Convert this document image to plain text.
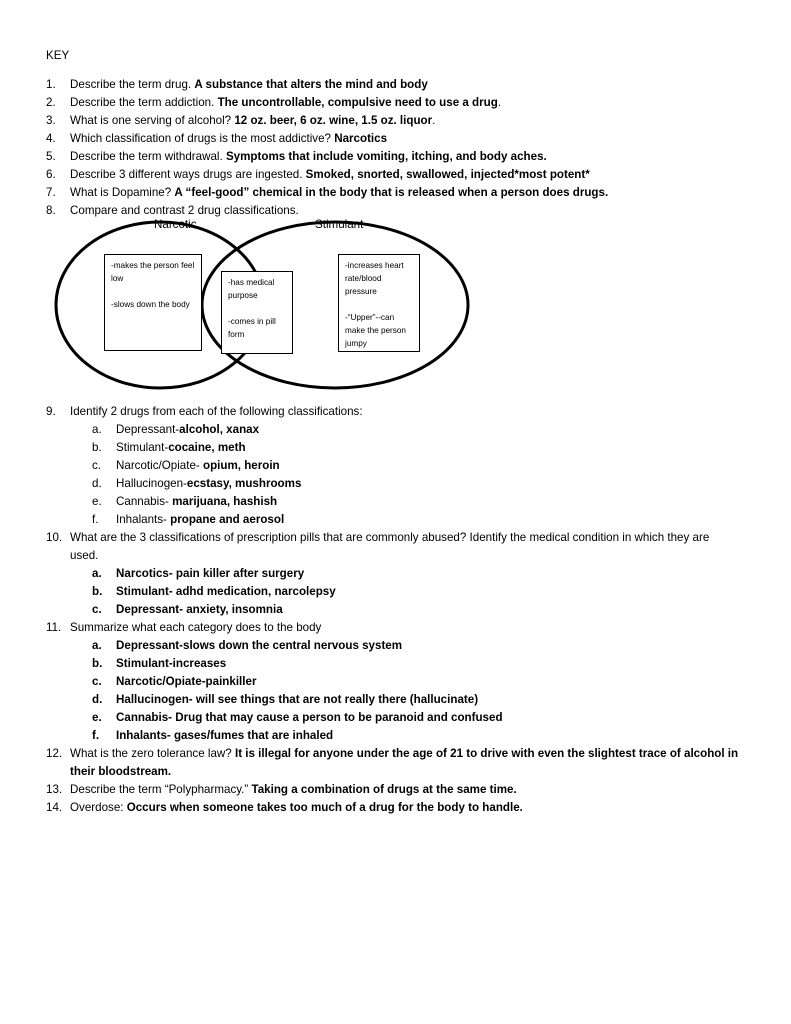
KEY
1. Describe the term drug. A substance that alters the mind and body
2. Describe the term addiction. The uncontrollable, compulsive need to use a drug.
3. What is one serving of alcohol? 12 oz. beer, 6 oz. wine, 1.5 oz. liquor.
4. Which classification of drugs is the most addictive? Narcotics
5. Describe the term withdrawal. Symptoms that include vomiting, itching, and body aches.
6. Describe 3 different ways drugs are ingested. Smoked, snorted, swallowed, injected*most potent*
7. What is Dopamine? A “feel-good” chemical in the body that is released when a person does drugs.
8. Compare and contrast 2 drug classifications.
Narcotic	Stimulant

-makes the person feel low

-slows down the body

-has medical purpose

-comes in pill form

-increases heart rate/blood pressure

-“Upper”--can make the person jumpy

9. Identify 2 drugs from each of the following classifications:
a. Depressant-alcohol, xanax
b. Stimulant-cocaine, meth
c. Narcotic/Opiate- opium, heroin
d. Hallucinogen-ecstasy, mushrooms
e. Cannabis- marijuana, hashish
f. Inhalants- propane and aerosol
10. What are the 3 classifications of prescription pills that are commonly abused? Identify the medical condition in which they are
used.
a. Narcotics- pain killer after surgery
b. Stimulant- adhd medication, narcolepsy
c. Depressant- anxiety, insomnia
11. Summarize what each category does to the body
a. Depressant-slows down the central nervous system
b. Stimulant-increases
c. Narcotic/Opiate-painkiller
d. Hallucinogen- will see things that are not really there (hallucinate)
e. Cannabis- Drug that may cause a person to be paranoid and confused
f. Inhalants- gases/fumes that are inhaled
12. What is the zero tolerance law? It is illegal for anyone under the age of 21 to drive with even the slightest trace of alcohol in
their bloodstream.
13. Describe the term “Polypharmacy.” Taking a combination of drugs at the same time.
14. Overdose: Occurs when someone takes too much of a drug for the body to handle.
